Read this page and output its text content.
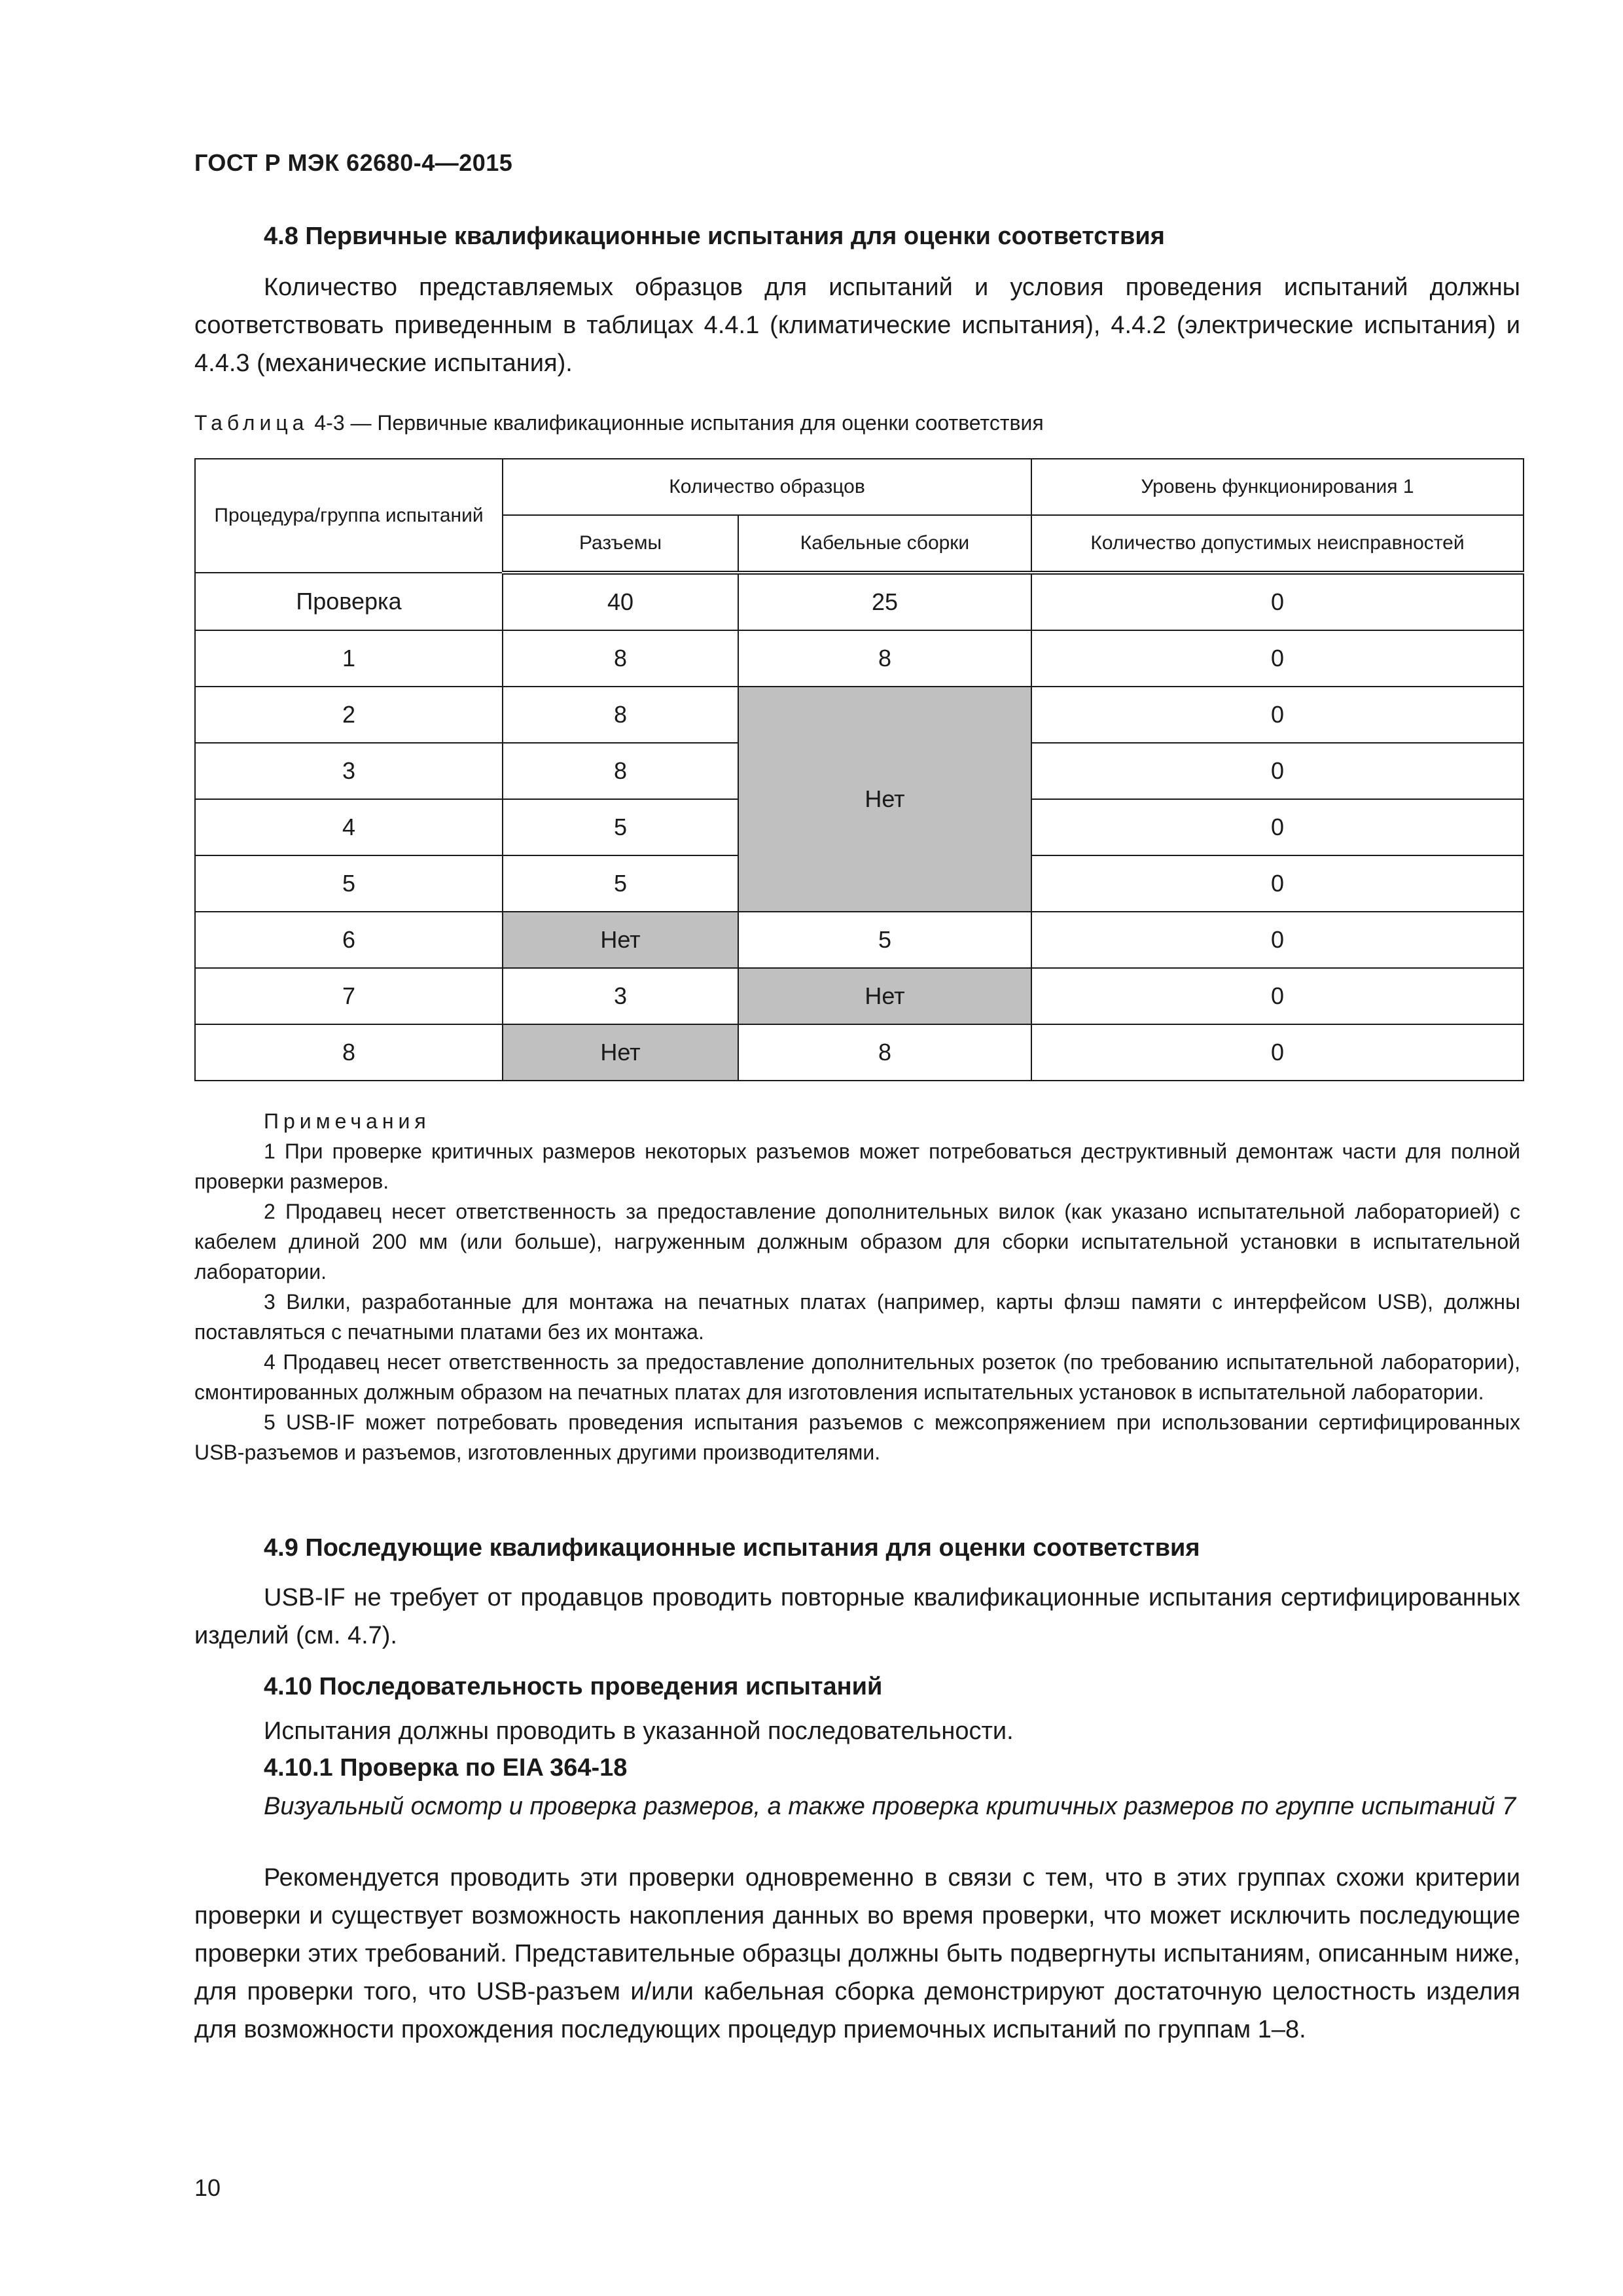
ГОСТ Р МЭК 62680-4—2015
4.8 Первичные квалификационные испытания для оценки соответствия

Количество представляемых образцов для испытаний и условия проведения испытаний должны соответствовать приведенным в таблицах 4.4.1 (климатические испытания), 4.4.2 (электрические испытания) и 4.4.3 (механические испытания).

Таблица 4-3 — Первичные квалификационные испытания для оценки соответствия
Процедура/группа испытаний	Количество образцов		Уровень функционирования 1
	Разъемы	Кабельные сборки	Количество допустимых неисправностей
Проверка	40	25	0
1	8	8	0
2	8	Нет	0
3	8		0
4	5		0
5	5		0
6	Нет	5	0
7	3	Нет	0
8	Нет	8	0
Примечания

1 При проверке критичных размеров некоторых разъемов может потребоваться деструктивный демонтаж части для полной проверки размеров.

2 Продавец несет ответственность за предоставление дополнительных вилок (как указано испытательной лабораторией) с кабелем длиной 200 мм (или больше), нагруженным должным образом для сборки испытательной установки в испытательной лаборатории.

3 Вилки, разработанные для монтажа на печатных платах (например, карты флэш памяти с интерфейсом USB), должны поставляться с печатными платами без их монтажа.

4 Продавец несет ответственность за предоставление дополнительных розеток (по требованию испытательной лаборатории), смонтированных должным образом на печатных платах для изготовления испытательных установок в испытательной лаборатории.

5 USB-IF может потребовать проведения испытания разъемов с межсопряжением при использовании сертифицированных USB-разъемов и разъемов, изготовленных другими производителями.

4.9 Последующие квалификационные испытания для оценки соответствия

USB-IF не требует от продавцов проводить повторные квалификационные испытания сертифицированных изделий (см. 4.7).

4.10 Последовательность проведения испытаний
Испытания должны проводить в указанной последовательности.
4.10.1 Проверка по EIA 364-18

Визуальный осмотр и проверка размеров, а также проверка критичных размеров по группе испытаний 7

Рекомендуется проводить эти проверки одновременно в связи с тем, что в этих группах схожи критерии проверки и существует возможность накопления данных во время проверки, что может исключить последующие проверки этих требований. Представительные образцы должны быть подвергнуты испытаниям, описанным ниже, для проверки того, что USB-разъем и/или кабельная сборка демонстрируют достаточную целостность изделия для возможности прохождения последующих процедур приемочных испытаний по группам 1–8.

10
